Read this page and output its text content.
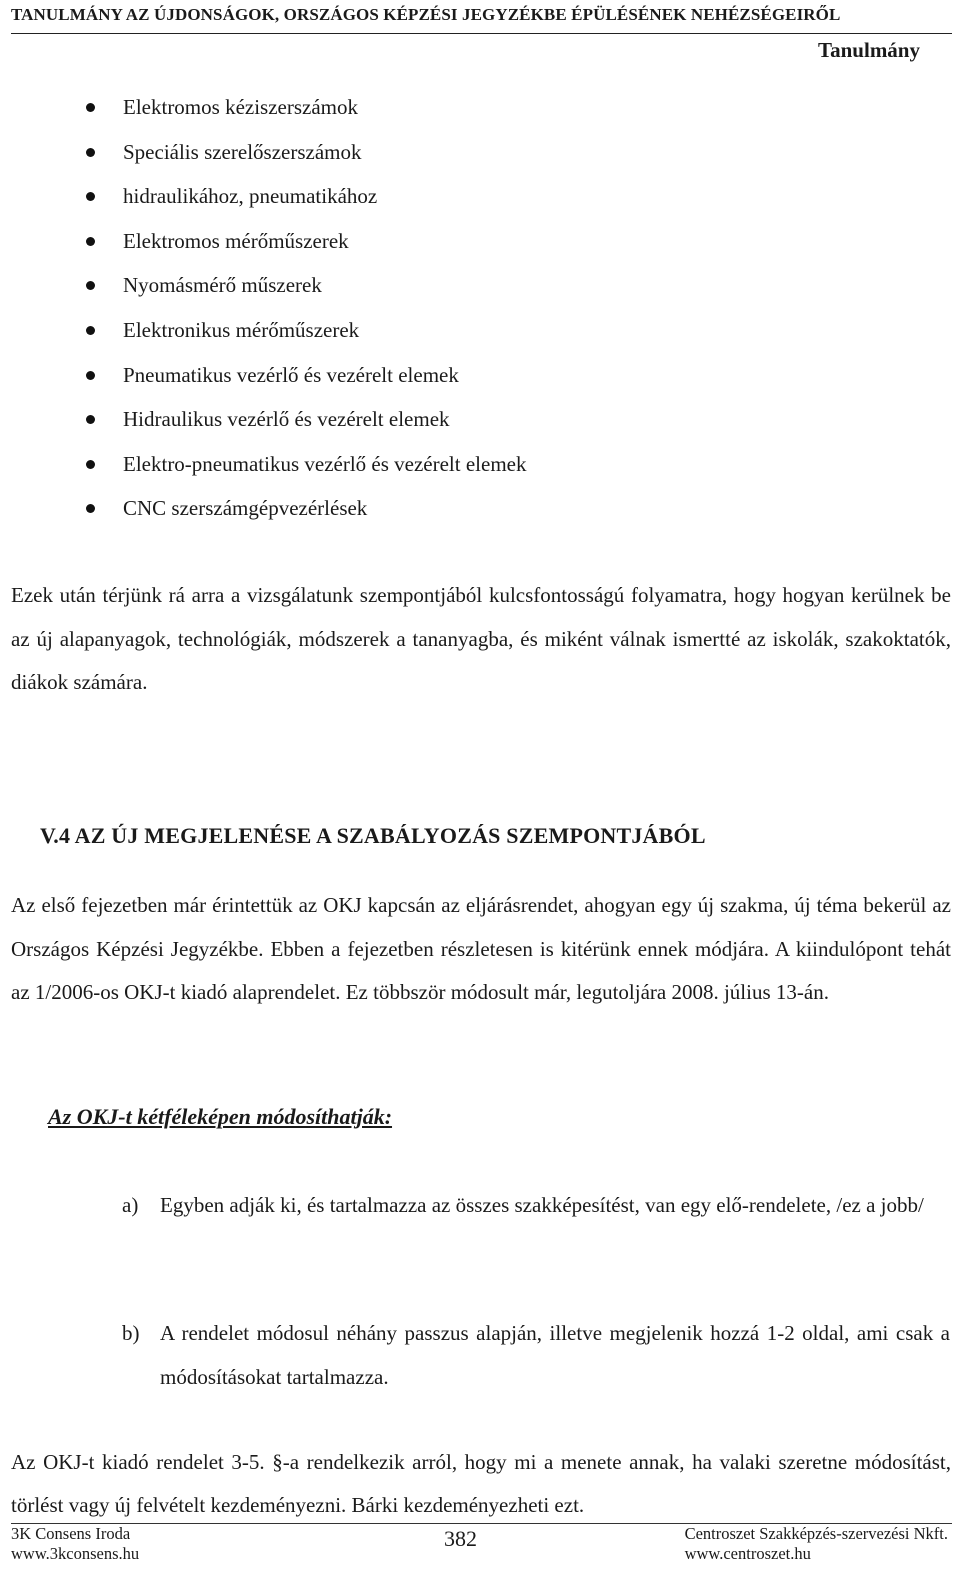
TANULMÁNY AZ ÚJDONSÁGOK, ORSZÁGOS KÉPZÉSI JEGYZÉKBE ÉPÜLÉSÉNEK NEHÉZSÉGEIRŐL
Tanulmány
Elektromos kéziszerszámok
Speciális szerelőszerszámok
hidraulikához, pneumatikához
Elektromos mérőműszerek
Nyomásmérő műszerek
Elektronikus mérőműszerek
Pneumatikus vezérlő és vezérelt elemek
Hidraulikus vezérlő és vezérelt elemek
Elektro-pneumatikus vezérlő és vezérelt elemek
CNC szerszámgépvezérlések
Ezek után térjünk rá arra a vizsgálatunk szempontjából kulcsfontosságú folyamatra, hogy hogyan kerülnek be az új alapanyagok, technológiák, módszerek a tananyagba, és miként válnak ismertté az iskolák, szakoktatók, diákok számára.
V.4 AZ ÚJ MEGJELENÉSE A SZABÁLYOZÁS SZEMPONTJÁBÓL
Az első fejezetben már érintettük az OKJ kapcsán az eljárásrendet, ahogyan egy új szakma, új téma bekerül az Országos Képzési Jegyzékbe. Ebben a fejezetben részletesen is kitérünk ennek módjára. A kiindulópont tehát az 1/2006-os OKJ-t kiadó alaprendelet. Ez többször módosult már, legutoljára 2008. július 13-án.
Az OKJ-t kétféleképen módosíthatják:
a) Egyben adják ki, és tartalmazza az összes szakképesítést, van egy elő-rendelete, /ez a jobb/
b) A rendelet módosul néhány passzus alapján, illetve megjelenik hozzá 1-2 oldal, ami csak a módosításokat tartalmazza.
Az OKJ-t kiadó rendelet 3-5. §-a rendelkezik arról, hogy mi a menete annak, ha valaki szeretne módosítást, törlést vagy új felvételt kezdeményezni. Bárki kezdeményezheti ezt.
3K Consens Iroda
www.3kconsens.hu
382	Centroszet Szakképzés-szervezési Nkft.
www.centroszet.hu
